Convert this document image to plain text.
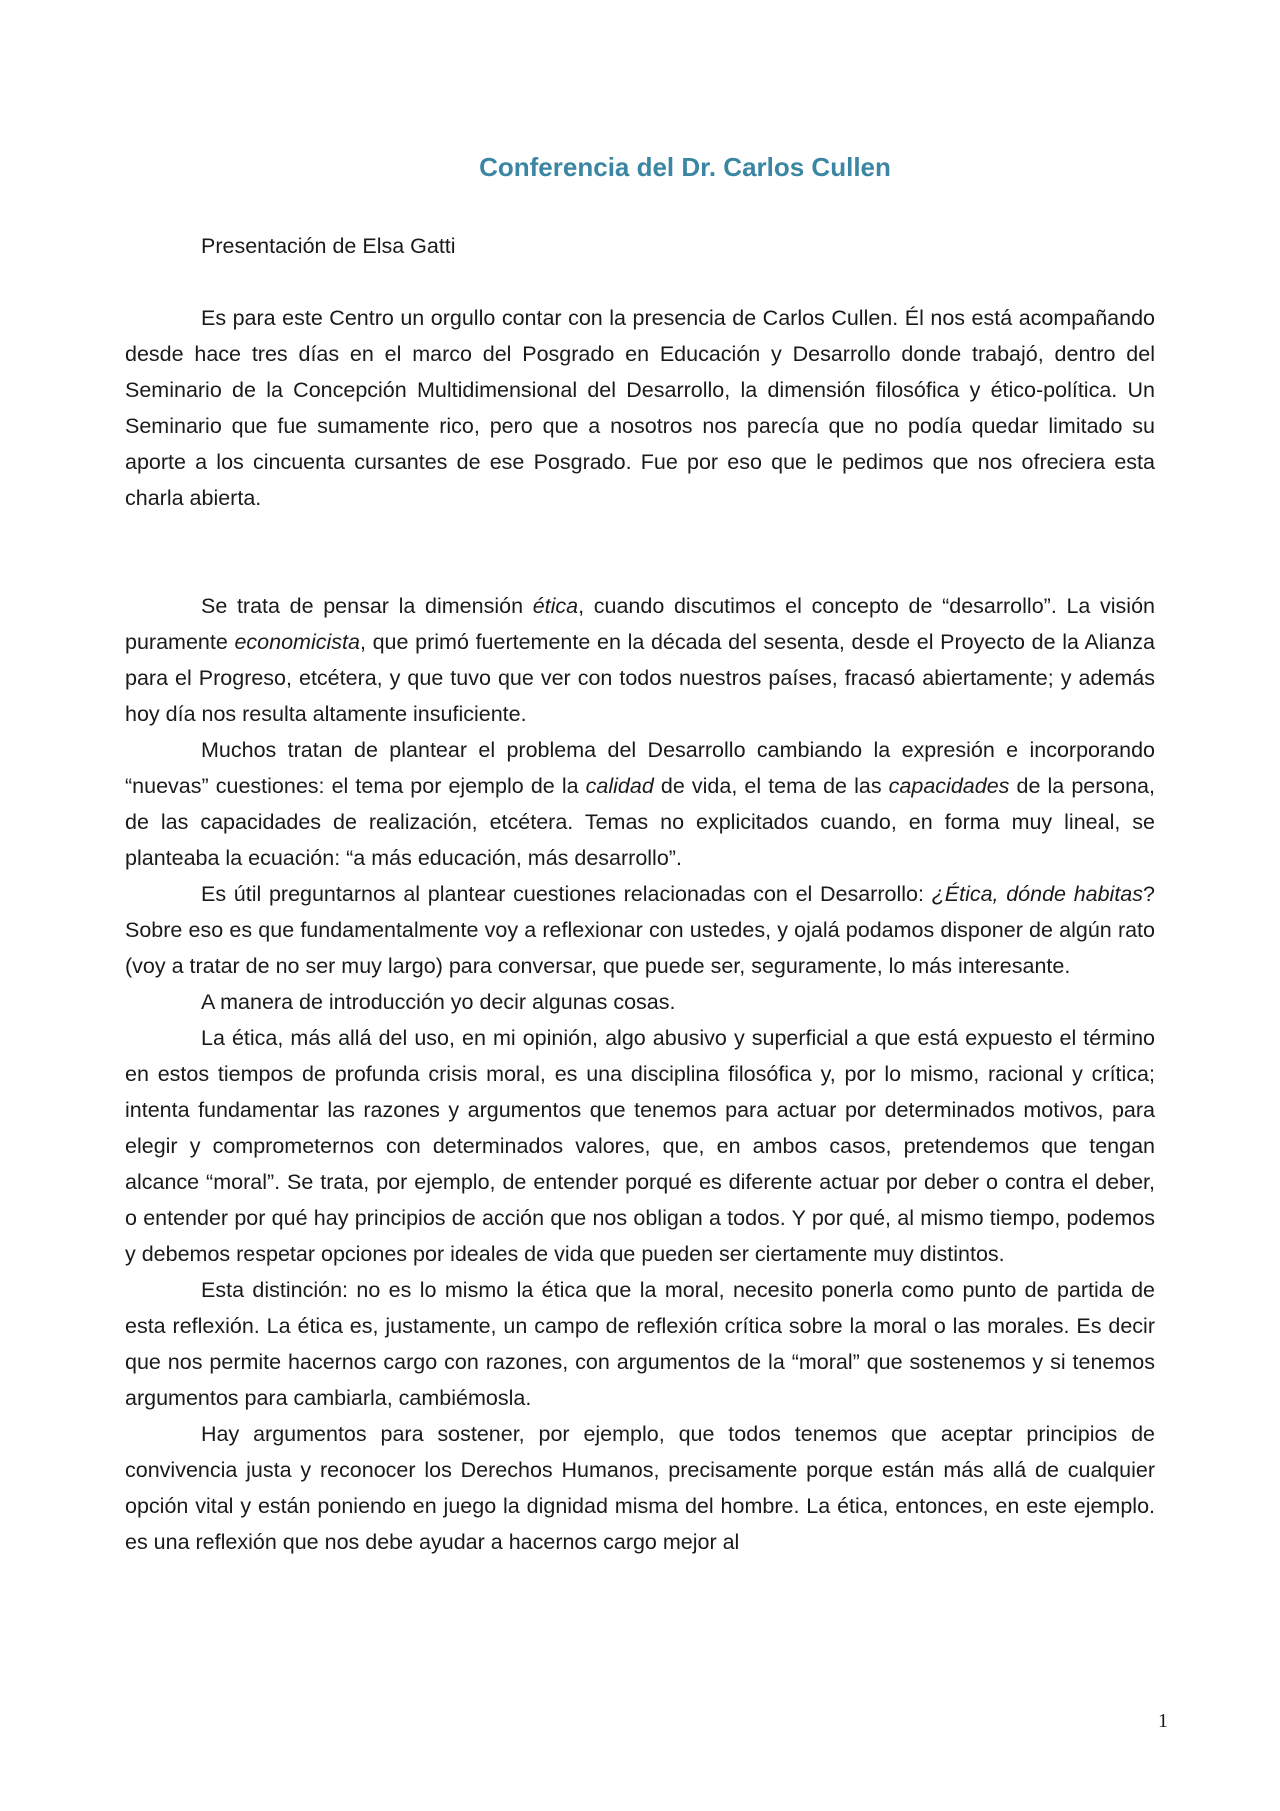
Conferencia del Dr. Carlos Cullen

Presentación de Elsa Gatti

Es para este Centro un orgullo contar con la presencia de Carlos Cullen. Él nos está acompañando desde hace tres días en el marco del Posgrado en Educación y Desarrollo donde trabajó, dentro del Seminario de la Concepción Multidimensional del Desarrollo, la dimensión filosófica y ético-política. Un Seminario que fue sumamente rico, pero que a nosotros nos parecía que no podía quedar limitado su aporte a los cincuenta cursantes de ese Posgrado. Fue por eso que le pedimos que nos ofreciera esta charla abierta.

Se trata de pensar la dimensión ética, cuando discutimos el concepto de “desarrollo”. La visión puramente economicista, que primó fuertemente en la década del sesenta, desde el Proyecto de la Alianza para el Progreso, etcétera, y que tuvo que ver con todos nuestros países, fracasó abiertamente; y además hoy día nos resulta altamente insuficiente.

Muchos tratan de plantear el problema del Desarrollo cambiando la expresión e incorporando “nuevas” cuestiones: el tema por ejemplo de la calidad de vida, el tema de las capacidades de la persona, de las capacidades de realización, etcétera. Temas no explicitados cuando, en forma muy lineal, se planteaba la ecuación: “a más educación, más desarrollo”.

Es útil preguntarnos al plantear cuestiones relacionadas con el Desarrollo: ¿Ética, dónde habitas? Sobre eso es que fundamentalmente voy a reflexionar con ustedes, y ojalá podamos disponer de algún rato (voy a tratar de no ser muy largo) para conversar, que puede ser, seguramente, lo más interesante.

A manera de introducción yo decir algunas cosas.

La ética, más allá del uso, en mi opinión, algo abusivo y superficial a que está expuesto el término en estos tiempos de profunda crisis moral, es una disciplina filosófica y, por lo mismo, racional y crítica; intenta fundamentar las razones y argumentos que tenemos para actuar por determinados motivos, para elegir y comprometernos con determinados valores, que, en ambos casos, pretendemos que tengan alcance “moral”. Se trata, por ejemplo, de entender porqué es diferente actuar por deber o contra el deber, o entender por qué hay principios de acción que nos obligan a todos. Y por qué, al mismo tiempo, podemos y debemos respetar opciones por ideales de vida que pueden ser ciertamente muy distintos.

Esta distinción: no es lo mismo la ética que la moral, necesito ponerla como punto de partida de esta reflexión. La ética es, justamente, un campo de reflexión crítica sobre la moral o las morales. Es decir que nos permite hacernos cargo con razones, con argumentos de la “moral” que sostenemos y si tenemos argumentos para cambiarla, cambiémosla.

Hay argumentos para sostener, por ejemplo, que todos tenemos que aceptar principios de convivencia justa y reconocer los Derechos Humanos, precisamente porque están más allá de cualquier opción vital y están poniendo en juego la dignidad misma del hombre. La ética, entonces, en este ejemplo. es una reflexión que nos debe ayudar a hacernos cargo mejor al

1
